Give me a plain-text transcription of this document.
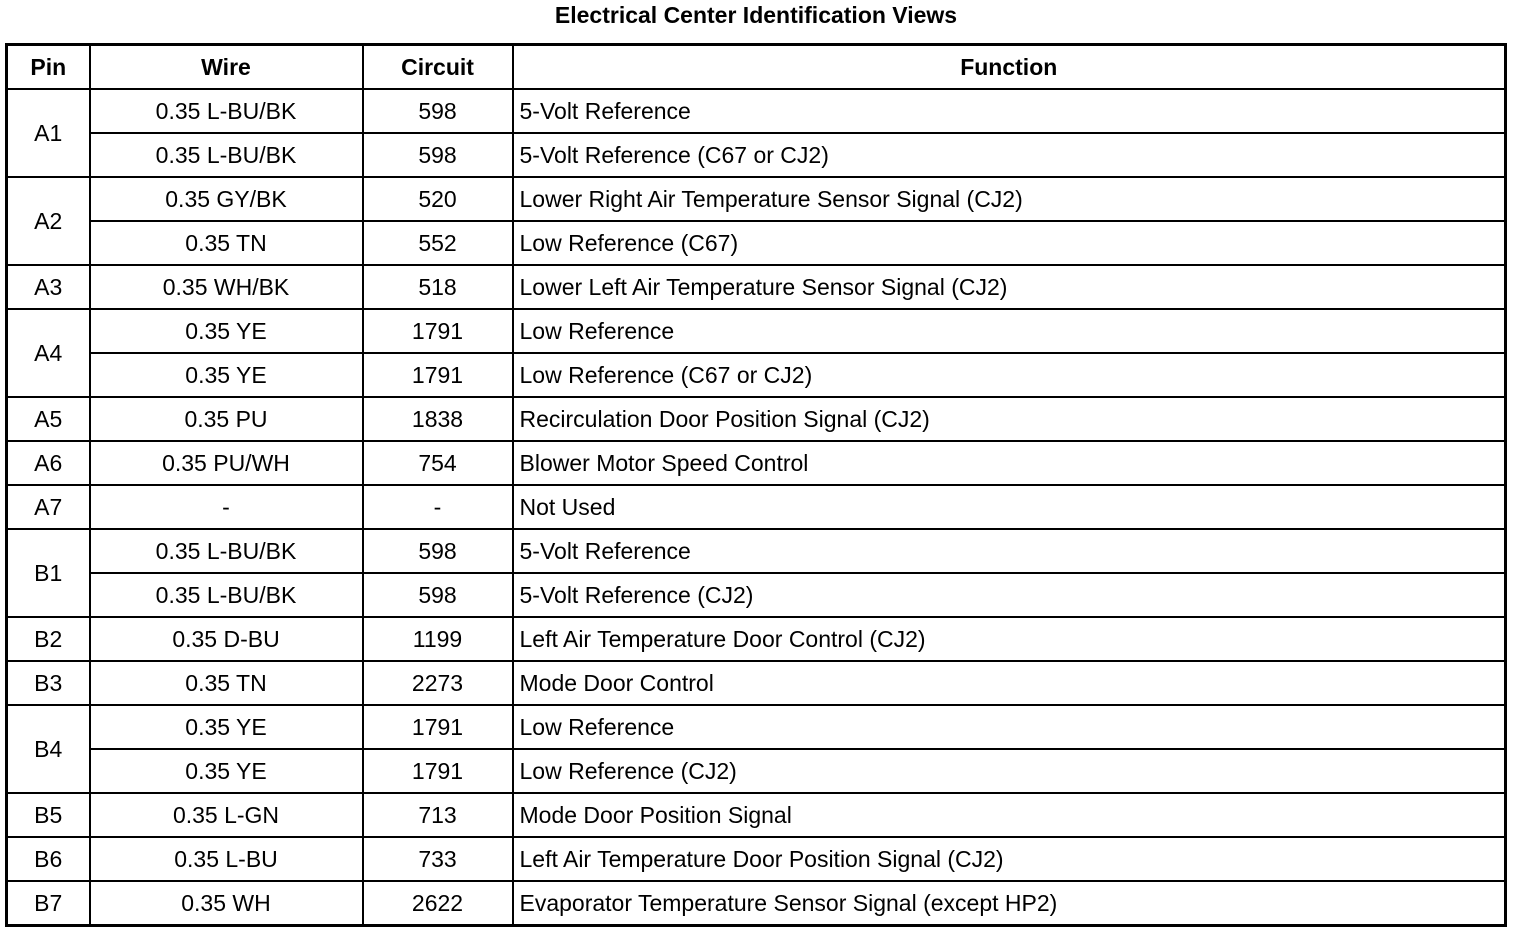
Electrical Center Identification Views
Pin	Wire	Circuit	Function
A1	0.35 L-BU/BK	598	5-Volt Reference
	0.35 L-BU/BK	598	5-Volt Reference (C67 or CJ2)
A2	0.35 GY/BK	520	Lower Right Air Temperature Sensor Signal (CJ2)
	0.35 TN	552	Low Reference (C67)
A3	0.35 WH/BK	518	Lower Left Air Temperature Sensor Signal (CJ2)
A4	0.35 YE	1791	Low Reference
	0.35 YE	1791	Low Reference (C67 or CJ2)
A5	0.35 PU	1838	Recirculation Door Position Signal (CJ2)
A6	0.35 PU/WH	754	Blower Motor Speed Control
A7	-	-	Not Used
B1	0.35 L-BU/BK	598	5-Volt Reference
	0.35 L-BU/BK	598	5-Volt Reference (CJ2)
B2	0.35 D-BU	1199	Left Air Temperature Door Control (CJ2)
B3	0.35 TN	2273	Mode Door Control
B4	0.35 YE	1791	Low Reference
	0.35 YE	1791	Low Reference (CJ2)
B5	0.35 L-GN	713	Mode Door Position Signal
B6	0.35 L-BU	733	Left Air Temperature Door Position Signal (CJ2)
B7	0.35 WH	2622	Evaporator Temperature Sensor Signal (except HP2)
